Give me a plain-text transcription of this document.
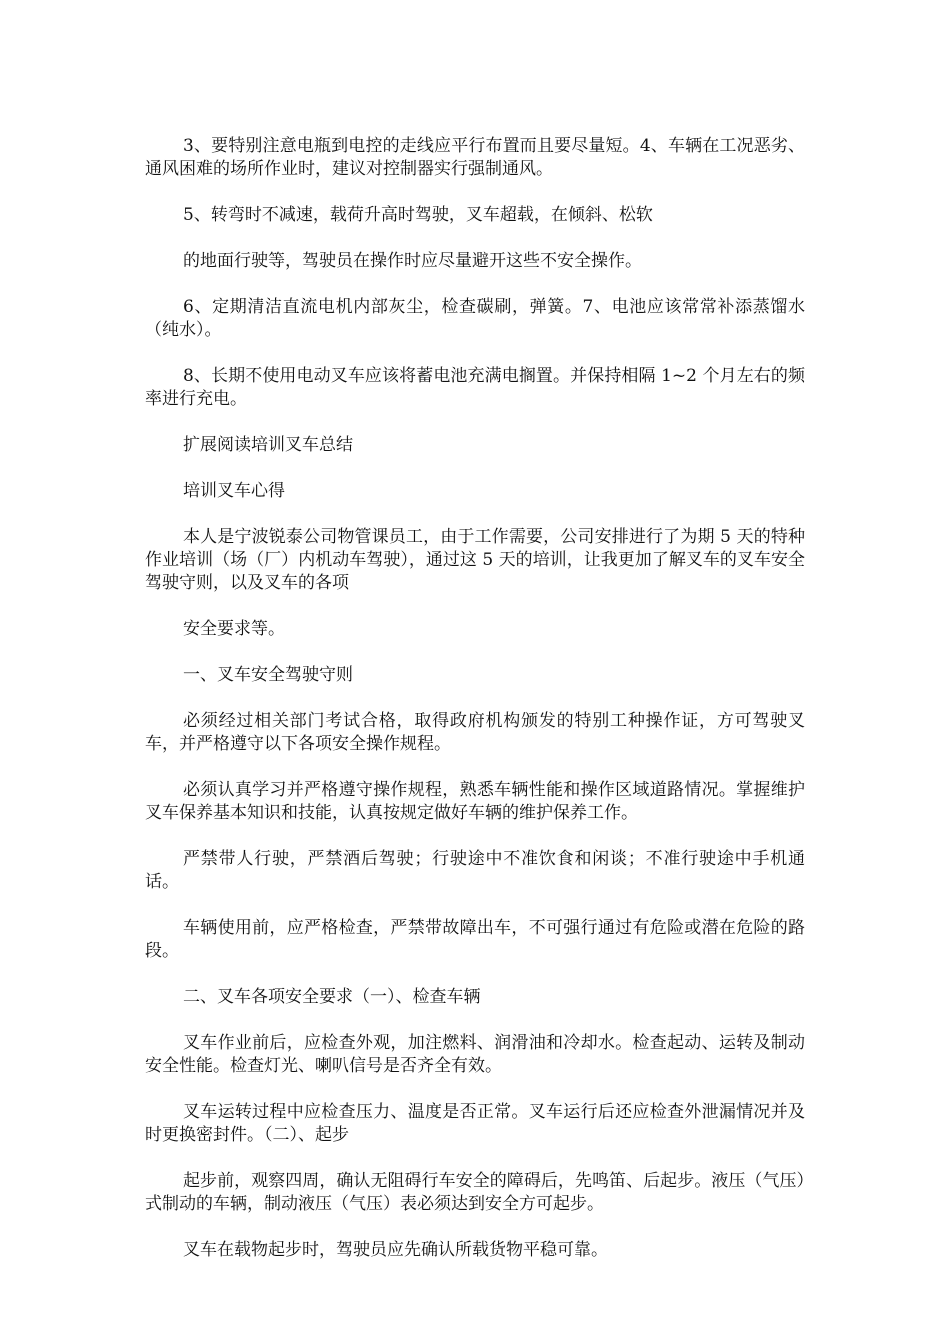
3、要特别注意电瓶到电控的走线应平行布置而且要尽量短。4、车辆在工况恶劣、通风困难的场所作业时，建议对控制器实行强制通风。

5、转弯时不减速，载荷升高时驾驶，叉车超载，在倾斜、松软

的地面行驶等，驾驶员在操作时应尽量避开这些不安全操作。

6、定期清洁直流电机内部灰尘，检查碳刷，弹簧。7、电池应该常常补添蒸馏水（纯水）。

8、长期不使用电动叉车应该将蓄电池充满电搁置。并保持相隔 1~2 个月左右的频率进行充电。

扩展阅读培训叉车总结

培训叉车心得

本人是宁波锐泰公司物管课员工，由于工作需要，公司安排进行了为期 5 天的特种作业培训（场（厂）内机动车驾驶），通过这 5 天的培训，让我更加了解叉车的叉车安全驾驶守则，以及叉车的各项

安全要求等。

一、叉车安全驾驶守则

必须经过相关部门考试合格，取得政府机构颁发的特别工种操作证，方可驾驶叉车，并严格遵守以下各项安全操作规程。

必须认真学习并严格遵守操作规程，熟悉车辆性能和操作区域道路情况。掌握维护叉车保养基本知识和技能，认真按规定做好车辆的维护保养工作。

严禁带人行驶，严禁酒后驾驶；行驶途中不准饮食和闲谈；不准行驶途中手机通话。

车辆使用前，应严格检查，严禁带故障出车，不可强行通过有危险或潜在危险的路段。

二、叉车各项安全要求（一）、检查车辆

叉车作业前后，应检查外观，加注燃料、润滑油和冷却水。检查起动、运转及制动安全性能。检查灯光、喇叭信号是否齐全有效。

叉车运转过程中应检查压力、温度是否正常。叉车运行后还应检查外泄漏情况并及时更换密封件。（二）、起步

起步前，观察四周，确认无阻碍行车安全的障碍后，先鸣笛、后起步。液压（气压）式制动的车辆，制动液压（气压）表必须达到安全方可起步。

叉车在载物起步时，驾驶员应先确认所载货物平稳可靠。
